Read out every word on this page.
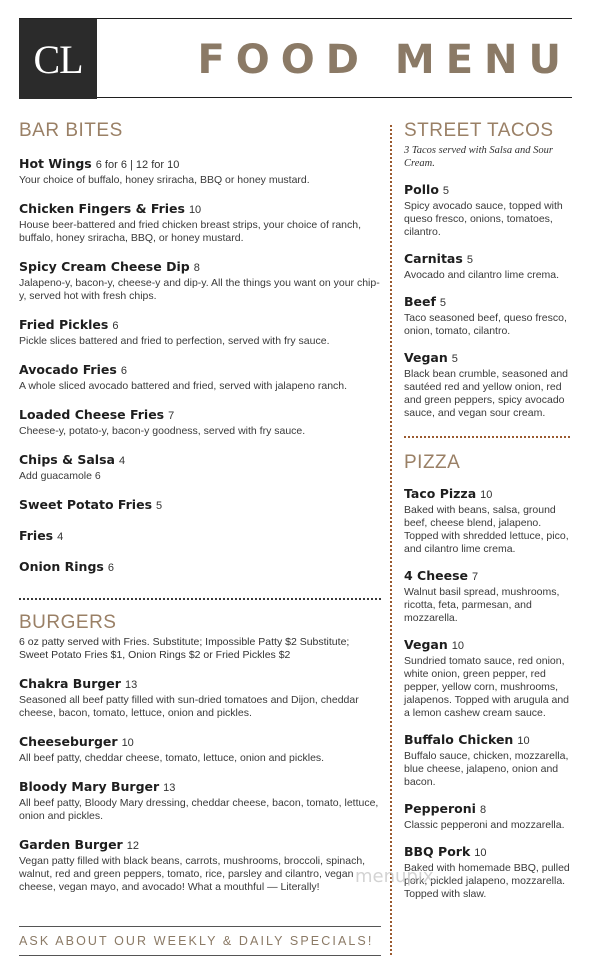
CL	FOOD MENU
BAR BITES
Hot Wings 6 for 6 | 12 for 10
Your choice of buffalo, honey sriracha, BBQ or honey mustard.
Chicken Fingers & Fries 10
House beer-battered and fried chicken breast strips, your choice of ranch, buffalo, honey sriracha, BBQ, or honey mustard.
Spicy Cream Cheese Dip 8
Jalapeno-y, bacon-y, cheese-y and dip-y. All the things you want on your chip-y, served hot with fresh chips.
Fried Pickles 6
Pickle slices battered and fried to perfection, served with fry sauce.
Avocado Fries 6
A whole sliced avocado battered and fried, served with jalapeno ranch.
Loaded Cheese Fries 7
Cheese-y, potato-y, bacon-y goodness, served with fry sauce.
Chips & Salsa 4
Add guacamole 6
Sweet Potato Fries 5
Fries 4
Onion Rings 6
BURGERS
6 oz patty served with Fries. Substitute; Impossible Patty $2 Substitute; Sweet Potato Fries $1, Onion Rings $2 or Fried Pickles $2
Chakra Burger 13
Seasoned all beef patty filled with sun-dried tomatoes and Dijon, cheddar cheese, bacon, tomato, lettuce, onion and pickles.
Cheeseburger 10
All beef patty, cheddar cheese, tomato, lettuce, onion and pickles.
Bloody Mary Burger 13
All beef patty, Bloody Mary dressing, cheddar cheese, bacon, tomato, lettuce, onion and pickles.
Garden Burger 12
Vegan patty filled with black beans, carrots, mushrooms, broccoli, spinach, walnut, red and green peppers, tomato, rice, parsley and cilantro, vegan cheese, vegan mayo, and avocado! What a mouthful — Literally!
STREET TACOS
3 Tacos served with Salsa and Sour Cream.
Pollo 5
Spicy avocado sauce, topped with queso fresco, onions, tomatoes, cilantro.
Carnitas 5
Avocado and cilantro lime crema.
Beef 5
Taco seasoned beef, queso fresco, onion, tomato, cilantro.
Vegan 5
Black bean crumble, seasoned and sautéed red and yellow onion, red and green peppers, spicy avocado sauce, and vegan sour cream.
PIZZA
Taco Pizza 10
Baked with beans, salsa, ground beef, cheese blend, jalapeno. Topped with shredded lettuce, pico, and cilantro lime crema.
4 Cheese 7
Walnut basil spread, mushrooms, ricotta, feta, parmesan, and mozzarella.
Vegan 10
Sundried tomato sauce, red onion, white onion, green pepper, red pepper, yellow corn, mushrooms, jalapenos. Topped with arugula and a lemon cashew cream sauce.
Buffalo Chicken 10
Buffalo sauce, chicken, mozzarella, blue cheese, jalapeno, onion and bacon.
Pepperoni 8
Classic pepperoni and mozzarella.
BBQ Pork 10
Baked with homemade BBQ, pulled pork, pickled jalapeno, mozzarella. Topped with slaw.
ASK ABOUT OUR WEEKLY & DAILY SPECIALS!
menupix
